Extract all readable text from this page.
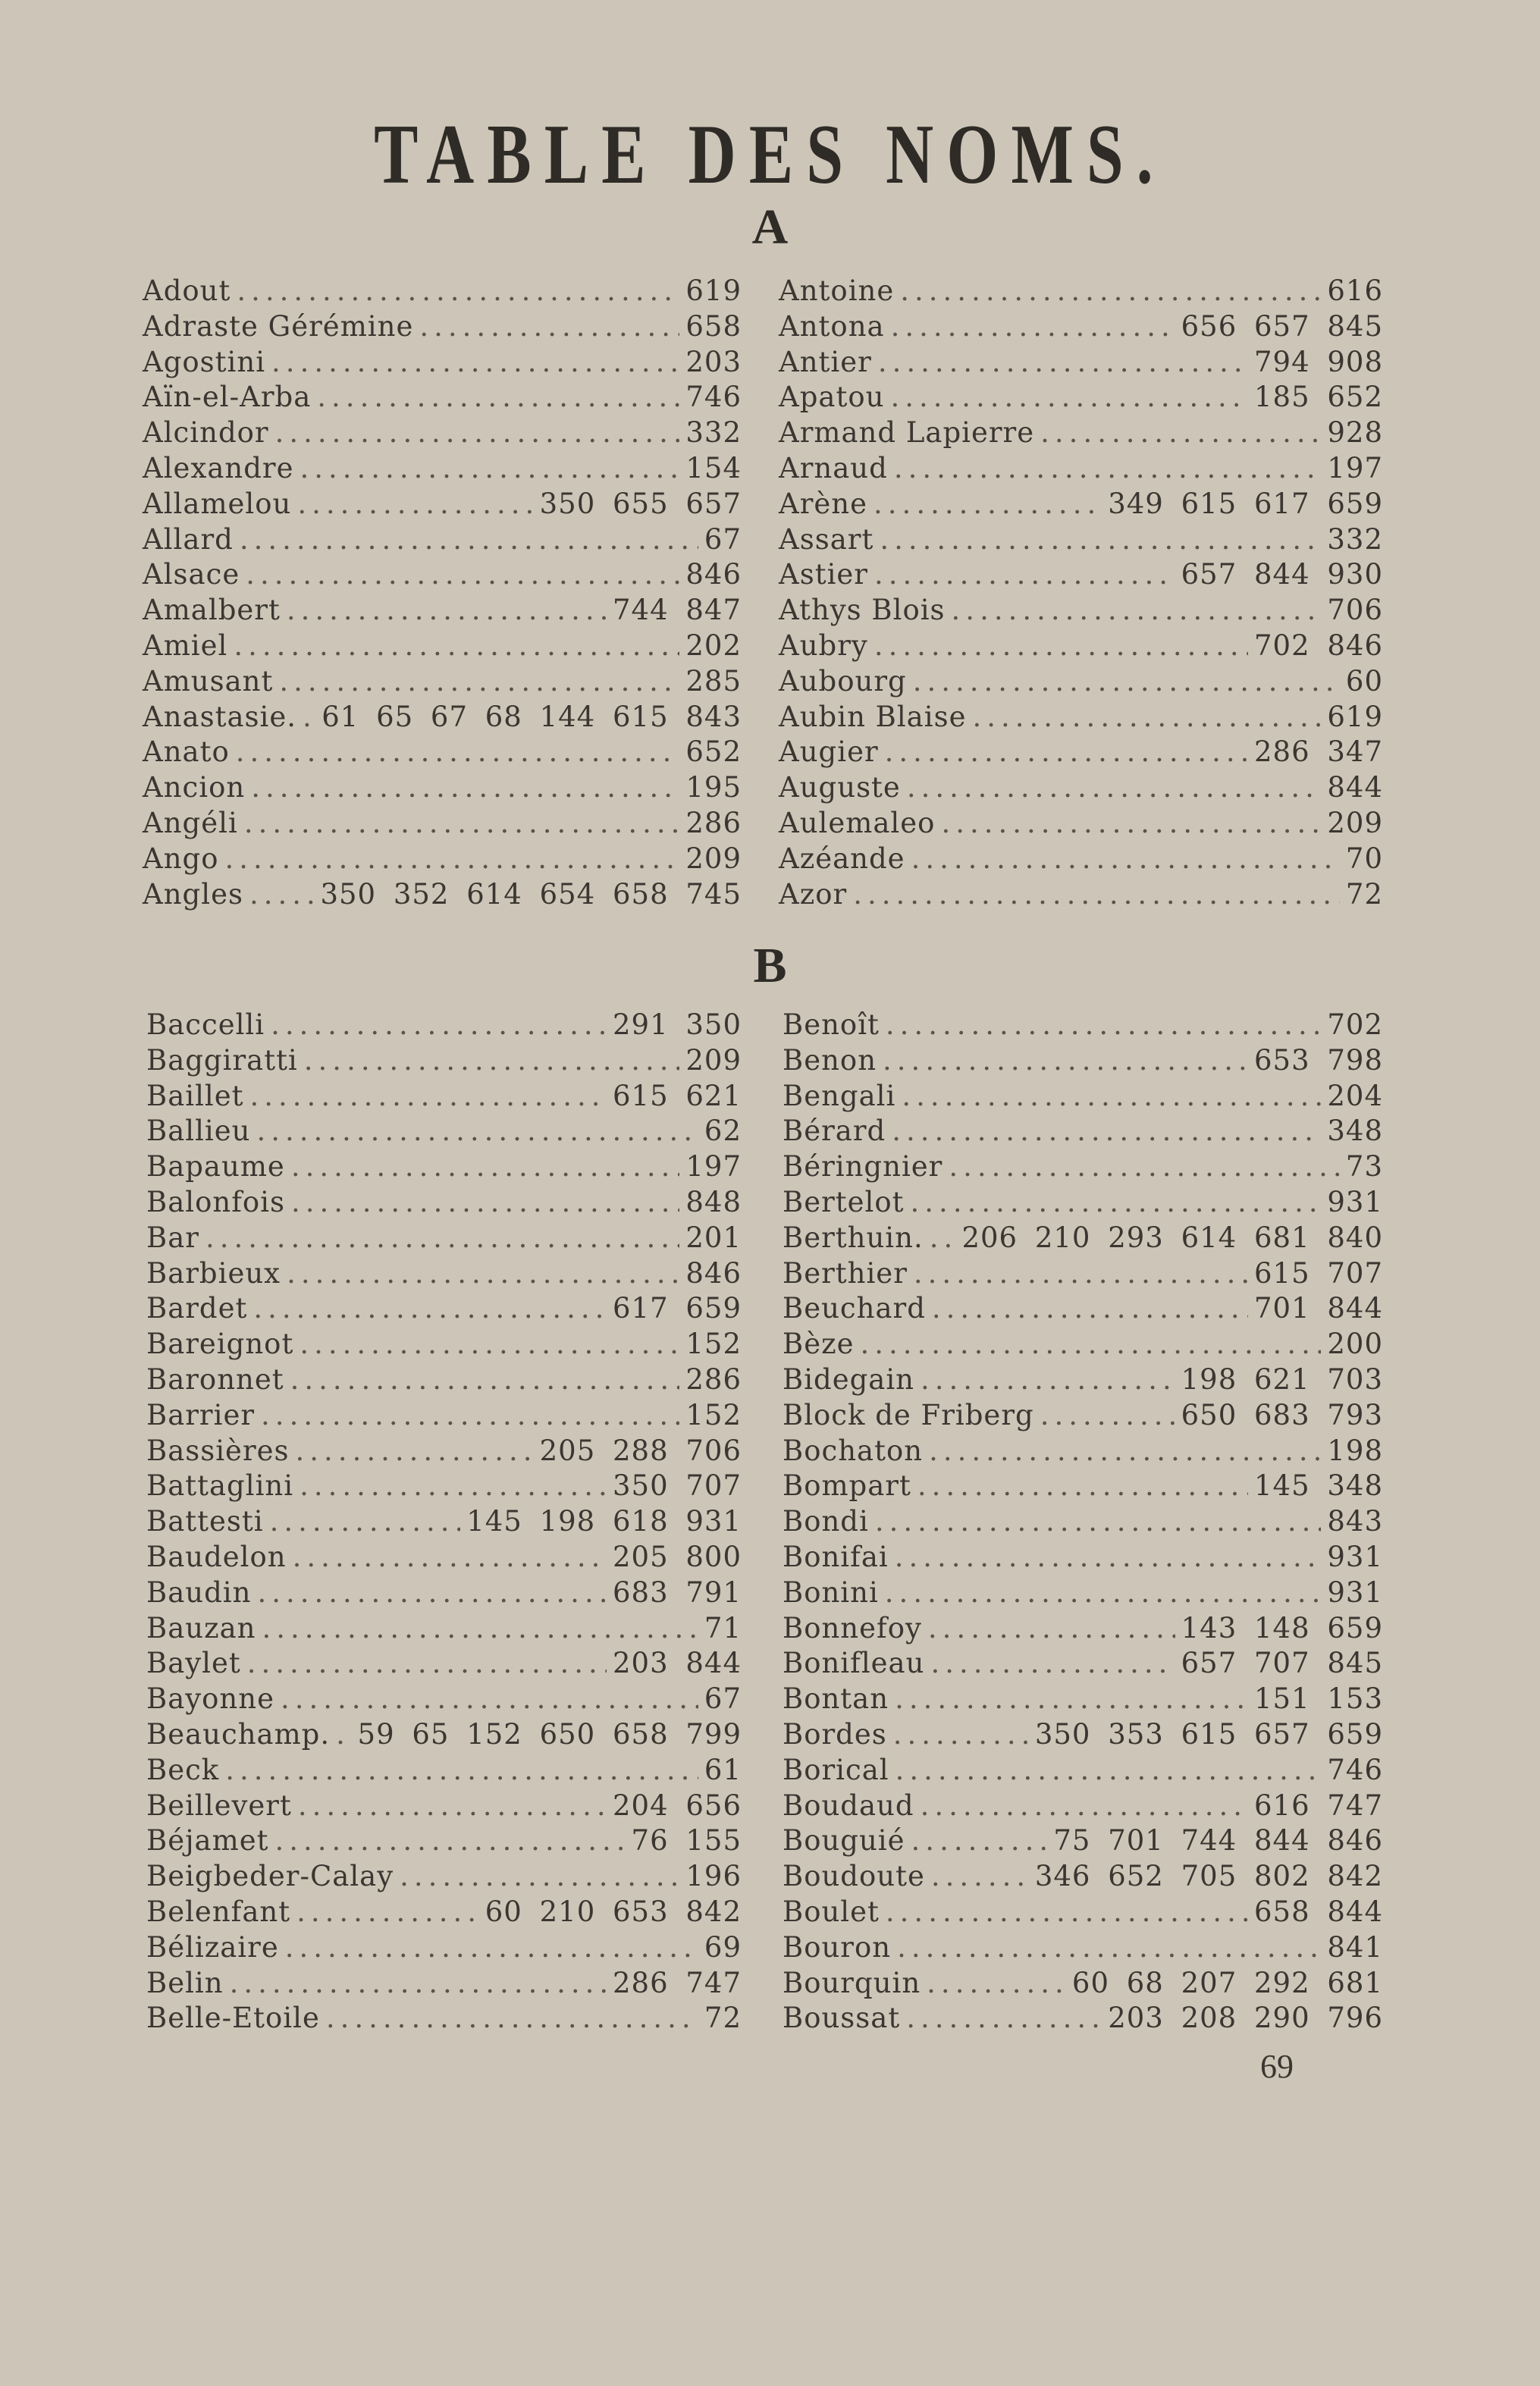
TABLE DES NOMS.
A
Adout .....	619
Adraste Gérémine .....	658
Agostini .....	203
Aïn-el-Arba .....	746
Alcindor .....	332
Alexandre .....	154
Allamelou .....	350 655 657
Allard .....	67
Alsace .....	846
Amalbert .....	744 847
Amiel .....	202
Amusant .....	285
Anastasie. ..... 61 65 67 68 144 615 843
Anato .....	652
Ancion .....	195
Angéli .....	286
Ango .....	209
Angles .....	350 352 614 654 658 745
Antoine .....	616
Antona .....	656 657 845
Antier .....	794 908
Apatou .....	185 652
Armand Lapierre .....	928
Arnaud .....	197
Arène .....	349 615 617 659
Assart .....	332
Astier .....	657 844 930
Athys Blois .....	706
Aubry .....	702 846
Aubourg .....	60
Aubin Blaise .....	619
Augier .....	286 347
Auguste .....	844
Aulemaleo .....	209
Azéande .....	70
Azor .....	72
B
Baccelli .....	291 350
Baggiratti .....	209
Baillet .....	615 621
Ballieu .....	62
Bapaume .....	197
Balonfois .....	848
Bar .....	201
Barbieux .....	846
Bardet .....	617 659
Bareignot .....	152
Baronnet .....	286
Barrier .....	152
Bassières .....	205 288 706
Battaglini .....	350 707
Battesti .....	145 198 618 931
Baudelon .....	205 800
Baudin .....	683 791
Bauzan .....	71
Baylet .....	203 844
Bayonne .....	67
Beauchamp. ..... 59 65 152 650 658 799
Beck .....	61
Beillevert .....	204 656
Béjamet .....	76 155
Beigbeder-Calay .....	196
Belenfant .....	60 210 653 842
Bélizaire .....	69
Belin .....	286 747
Belle-Etoile .....	72
Benoît .....	702
Benon .....	653 798
Bengali .....	204
Bérard .....	348
Béringnier .....	73
Bertelot .....	931
Berthuin. ..... 206 210 293 614 681 840
Berthier .....	615 707
Beuchard .....	701 844
Bèze .....	200
Bidegain .....	198 621 703
Block de Friberg .....	650 683 793
Bochaton .....	198
Bompart .....	145 348
Bondi .....	843
Bonifai .....	931
Bonini .....	931
Bonnefoy .....	143 148 659
Bonifleau .....	657 707 845
Bontan .....	151 153
Bordes .....	350 353 615 657 659
Borical .....	746
Boudaud .....	616 747
Bouguié .....	75 701 744 844 846
Boudoute .....	346 652 705 802 842
Boulet .....	658 844
Bouron .....	841
Bourquin .....	60 68 207 292 681
Boussat .....	203 208 290 796
69
